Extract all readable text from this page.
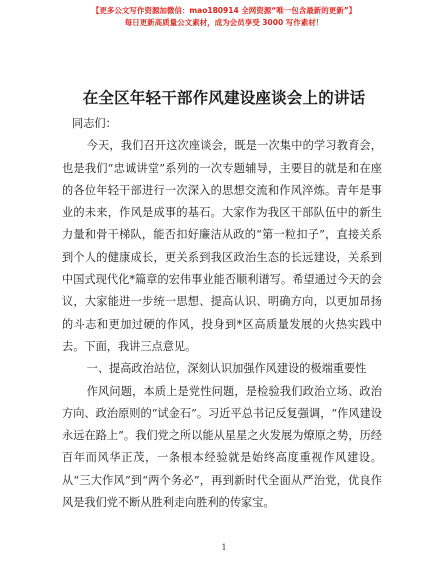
【更多公文写作资源加微信：mao180914 全网资源“唯一包含最新的更新”】
每日更新高质量公文素材，成为会员享受 3000 写作素材！
在全区年轻干部作风建设座谈会上的讲话

同志们：

今天，我们召开这次座谈会，既是一次集中的学习教育会，也是我们“忠诚讲堂”系列的一次专题辅导，主要目的就是和在座的各位年轻干部进行一次深入的思想交流和作风淬炼。青年是事业的未来，作风是成事的基石。大家作为我区干部队伍中的新生力量和骨干梯队，能否扣好廉洁从政的“第一粒扣子”，直接关系到个人的健康成长，更关系到我区政治生态的长远建设，关系到中国式现代化*篇章的宏伟事业能否顺利谱写。希望通过今天的会议，大家能进一步统一思想、提高认识、明确方向，以更加昂扬的斗志和更加过硬的作风，投身到*区高质量发展的火热实践中去。下面，我讲三点意见。

一、提高政治站位，深刻认识加强作风建设的极端重要性

作风问题，本质上是党性问题，是检验我们政治立场、政治方向、政治原则的“试金石”。习近平总书记反复强调，“作风建设永远在路上”。我们党之所以能从星星之火发展为燎原之势，历经百年而风华正茂，一条根本经验就是始终高度重视作风建设。从“三大作风”到“两个务必”，再到新时代全面从严治党，优良作风是我们党不断从胜利走向胜利的传家宝。

1
